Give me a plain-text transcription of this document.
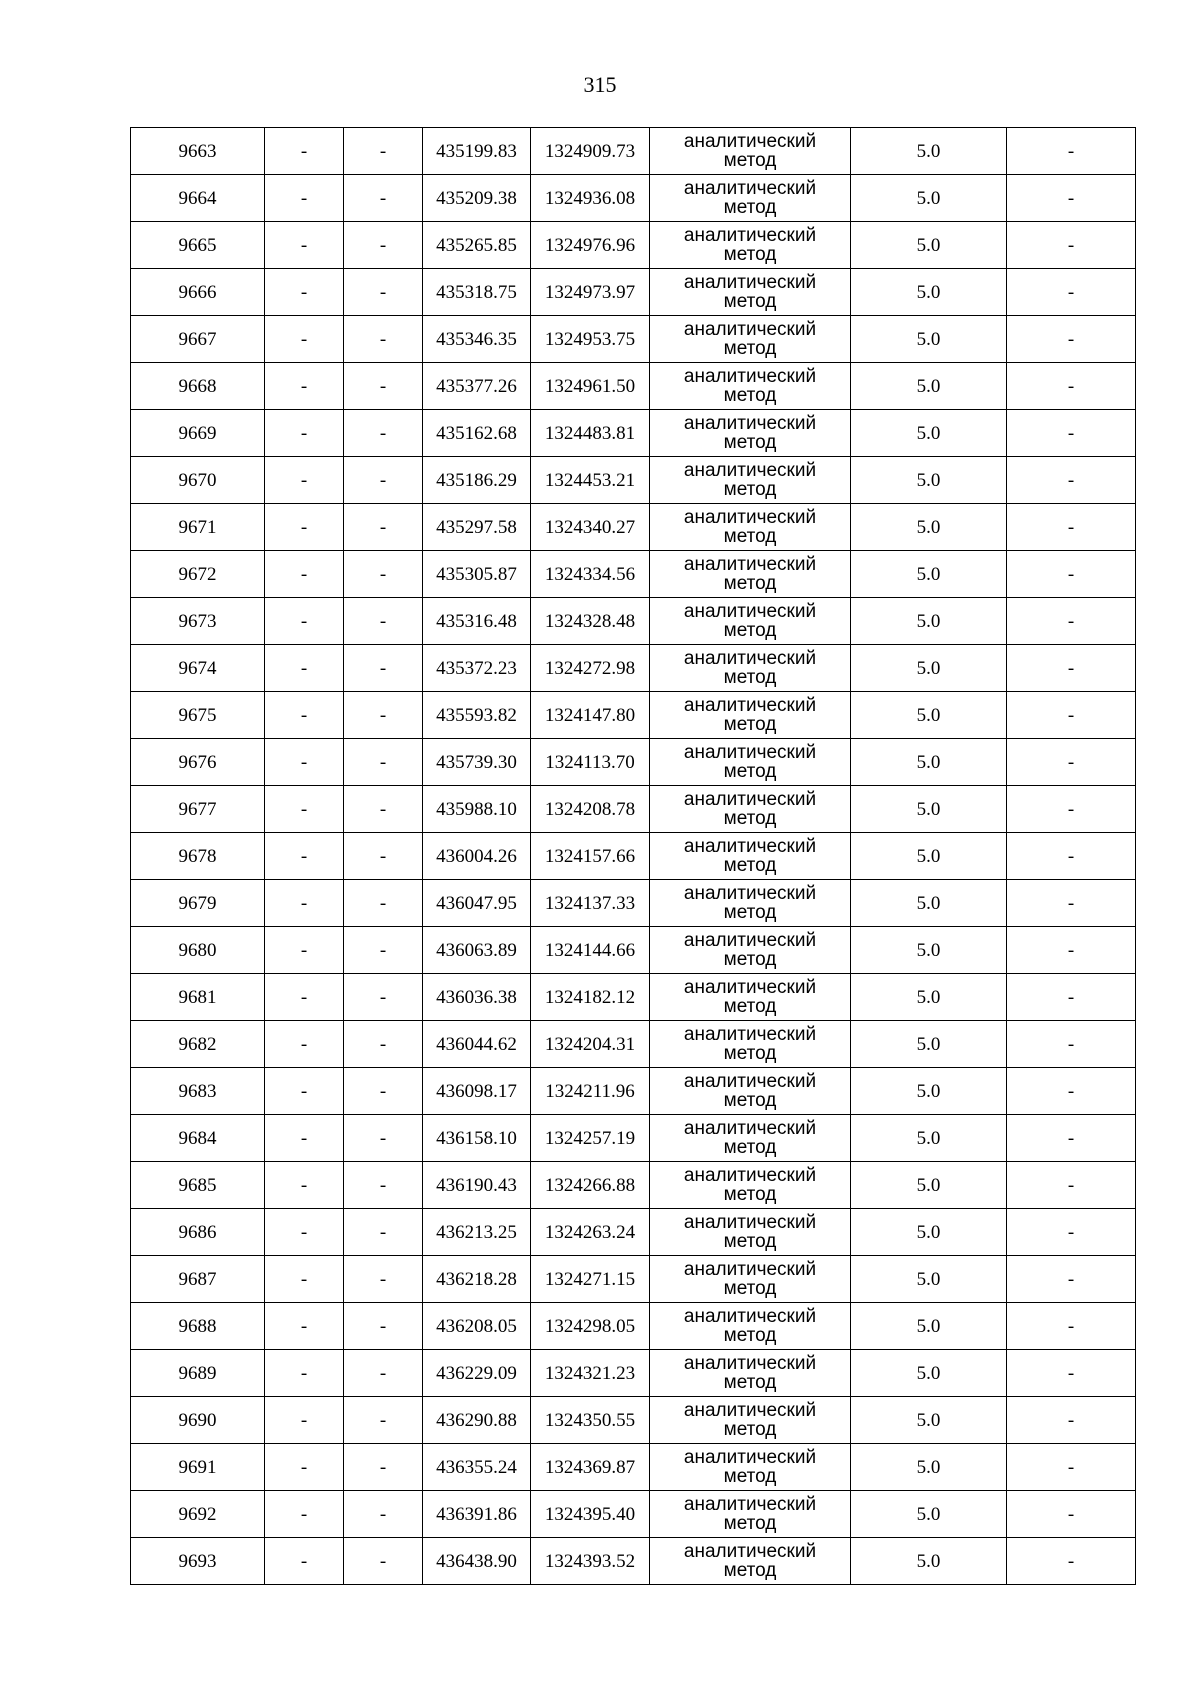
315
9663	-	-	435199.83	1324909.73	аналитический
метод	5.0	-
9664	-	-	435209.38	1324936.08	аналитический
метод	5.0	-
9665	-	-	435265.85	1324976.96	аналитический
метод	5.0	-
9666	-	-	435318.75	1324973.97	аналитический
метод	5.0	-
9667	-	-	435346.35	1324953.75	аналитический
метод	5.0	-
9668	-	-	435377.26	1324961.50	аналитический
метод	5.0	-
9669	-	-	435162.68	1324483.81	аналитический
метод	5.0	-
9670	-	-	435186.29	1324453.21	аналитический
метод	5.0	-
9671	-	-	435297.58	1324340.27	аналитический
метод	5.0	-
9672	-	-	435305.87	1324334.56	аналитический
метод	5.0	-
9673	-	-	435316.48	1324328.48	аналитический
метод	5.0	-
9674	-	-	435372.23	1324272.98	аналитический
метод	5.0	-
9675	-	-	435593.82	1324147.80	аналитический
метод	5.0	-
9676	-	-	435739.30	1324113.70	аналитический
метод	5.0	-
9677	-	-	435988.10	1324208.78	аналитический
метод	5.0	-
9678	-	-	436004.26	1324157.66	аналитический
метод	5.0	-
9679	-	-	436047.95	1324137.33	аналитический
метод	5.0	-
9680	-	-	436063.89	1324144.66	аналитический
метод	5.0	-
9681	-	-	436036.38	1324182.12	аналитический
метод	5.0	-
9682	-	-	436044.62	1324204.31	аналитический
метод	5.0	-
9683	-	-	436098.17	1324211.96	аналитический
метод	5.0	-
9684	-	-	436158.10	1324257.19	аналитический
метод	5.0	-
9685	-	-	436190.43	1324266.88	аналитический
метод	5.0	-
9686	-	-	436213.25	1324263.24	аналитический
метод	5.0	-
9687	-	-	436218.28	1324271.15	аналитический
метод	5.0	-
9688	-	-	436208.05	1324298.05	аналитический
метод	5.0	-
9689	-	-	436229.09	1324321.23	аналитический
метод	5.0	-
9690	-	-	436290.88	1324350.55	аналитический
метод	5.0	-
9691	-	-	436355.24	1324369.87	аналитический
метод	5.0	-
9692	-	-	436391.86	1324395.40	аналитический
метод	5.0	-
9693	-	-	436438.90	1324393.52	аналитический
метод	5.0	-
